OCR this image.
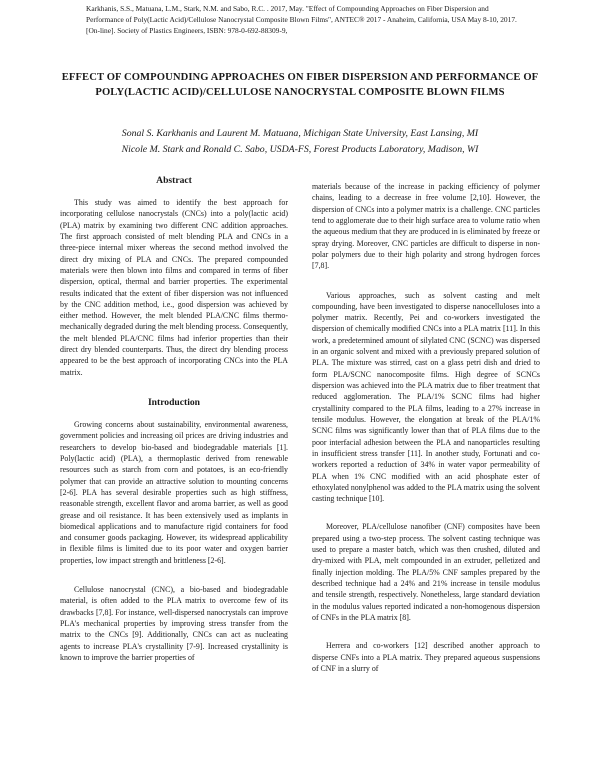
Karkhanis, S.S., Matuana, L.M., Stark, N.M. and Sabo, R.C. . 2017, May. "Effect of Compounding Approaches on Fiber Dispersion and Performance of Poly(Lactic Acid)/Cellulose Nanocrystal Composite Blown Films", ANTEC® 2017 - Anaheim, California, USA May 8-10, 2017. [On-line]. Society of Plastics Engineers, ISBN: 978-0-692-88309-9,
EFFECT OF COMPOUNDING APPROACHES ON FIBER DISPERSION AND PERFORMANCE OF POLY(LACTIC ACID)/CELLULOSE NANOCRYSTAL COMPOSITE BLOWN FILMS
Sonal S. Karkhanis and Laurent M. Matuana, Michigan State University, East Lansing, MI
Nicole M. Stark and Ronald C. Sabo, USDA-FS, Forest Products Laboratory, Madison, WI
Abstract

This study was aimed to identify the best approach for incorporating cellulose nanocrystals (CNCs) into a poly(lactic acid) (PLA) matrix by examining two different CNC addition approaches. The first approach consisted of melt blending PLA and CNCs in a three-piece internal mixer whereas the second method involved the direct dry mixing of PLA and CNCs. The prepared compounded materials were then blown into films and compared in terms of fiber dispersion, optical, thermal and barrier properties. The experimental results indicated that the extent of fiber dispersion was not influenced by the CNC addition method, i.e., good dispersion was achieved by either method. However, the melt blended PLA/CNC films thermo-mechanically degraded during the melt blending process. Consequently, the melt blended PLA/CNC films had inferior properties than their direct dry blended counterparts. Thus, the direct dry blending process appeared to be the best approach of incorporating CNCs into the PLA matrix.

Introduction

Growing concerns about sustainability, environmental awareness, government policies and increasing oil prices are driving industries and researchers to develop bio-based and biodegradable materials [1]. Poly(lactic acid) (PLA), a thermoplastic derived from renewable resources such as starch from corn and potatoes, is an eco-friendly polymer that can provide an attractive solution to mounting concerns [2-6]. PLA has several desirable properties such as high stiffness, reasonable strength, excellent flavor and aroma barrier, as well as good grease and oil resistance. It has been extensively used as implants in biomedical applications and to manufacture rigid containers for food and consumer goods packaging. However, its widespread applicability in flexible films is limited due to its poor water and oxygen barrier properties, low impact strength and brittleness [2-6].

Cellulose nanocrystal (CNC), a bio-based and biodegradable material, is often added to the PLA matrix to overcome few of its drawbacks [7,8]. For instance, well-dispersed nanocrystals can improve PLA's mechanical properties by improving stress transfer from the matrix to the CNCs [9]. Additionally, CNCs can act as nucleating agents to increase PLA's crystallinity [7-9]. Increased crystallinity is known to improve the barrier properties of

materials because of the increase in packing efficiency of polymer chains, leading to a decrease in free volume [2,10]. However, the dispersion of CNCs into a polymer matrix is a challenge. CNC particles tend to agglomerate due to their high surface area to volume ratio when the aqueous medium that they are produced in is eliminated by freeze or spray drying. Moreover, CNC particles are difficult to disperse in non-polar polymers due to their high polarity and strong hydrogen forces [7,8].

Various approaches, such as solvent casting and melt compounding, have been investigated to disperse nanocelluloses into a polymer matrix. Recently, Pei and co-workers investigated the dispersion of chemically modified CNCs into a PLA matrix [11]. In this work, a predetermined amount of silylated CNC (SCNC) was dispersed in an organic solvent and mixed with a previously prepared solution of PLA. The mixture was stirred, cast on a glass petri dish and dried to form PLA/SCNC nanocomposite films. High degree of SCNCs dispersion was achieved into the PLA matrix due to fiber treatment that reduced agglomeration. The PLA/1% SCNC films had higher crystallinity compared to the PLA films, leading to a 27% increase in tensile modulus. However, the elongation at break of the PLA/1% SCNC films was significantly lower than that of PLA films due to the poor interfacial adhesion between the PLA and nanoparticles resulting in insufficient stress transfer [11]. In another study, Fortunati and co-workers reported a reduction of 34% in water vapor permeability of PLA when 1% CNC modified with an acid phosphate ester of ethoxylated nonylphenol was added to the PLA matrix using the solvent casting technique [10].

Moreover, PLA/cellulose nanofiber (CNF) composites have been prepared using a two-step process. The solvent casting technique was used to prepare a master batch, which was then crushed, diluted and dry-mixed with PLA, melt compounded in an extruder, pelletized and finally injection molding. The PLA/5% CNF samples prepared by the described technique had a 24% and 21% increase in tensile modulus and tensile strength, respectively. Nonetheless, large standard deviation in the modulus values reported indicated a non-homogenous dispersion of CNFs in the PLA matrix [8].

Herrera and co-workers [12] described another approach to disperse CNFs into a PLA matrix. They prepared aqueous suspensions of CNF in a slurry of
